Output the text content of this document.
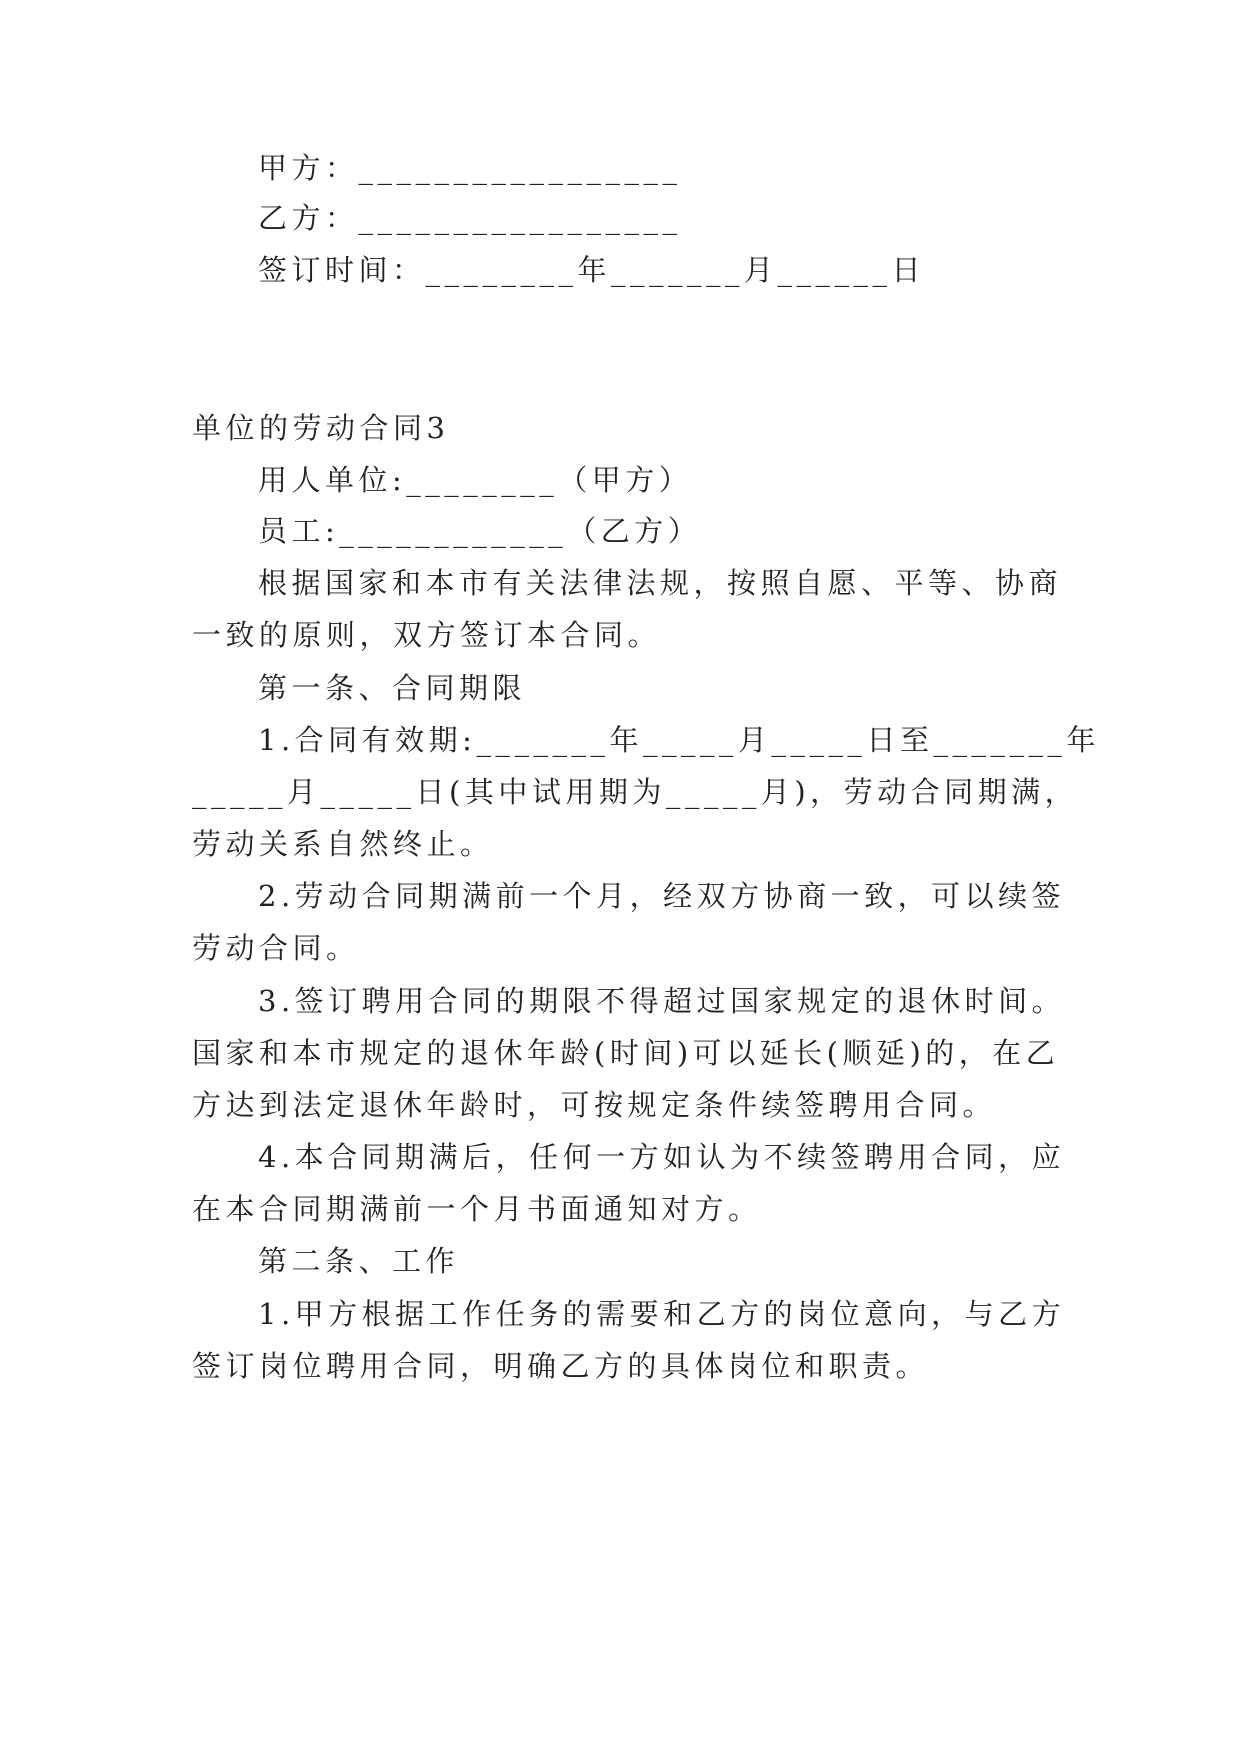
甲方：_________________
乙方：_________________
签订时间：________年_______月______日
单位的劳动合同3
用人单位:________（甲方）
员工:____________（乙方）
根据国家和本市有关法律法规，按照自愿、平等、协商
一致的原则，双方签订本合同。
第一条、合同期限
1.合同有效期:_______年_____月_____日至_______年
_____月_____日(其中试用期为_____月)，劳动合同期满，
劳动关系自然终止。
2.劳动合同期满前一个月，经双方协商一致，可以续签
劳动合同。
3.签订聘用合同的期限不得超过国家规定的退休时间。
国家和本市规定的退休年龄(时间)可以延长(顺延)的，在乙
方达到法定退休年龄时，可按规定条件续签聘用合同。
4.本合同期满后，任何一方如认为不续签聘用合同，应
在本合同期满前一个月书面通知对方。
第二条、工作
1.甲方根据工作任务的需要和乙方的岗位意向，与乙方
签订岗位聘用合同，明确乙方的具体岗位和职责。
